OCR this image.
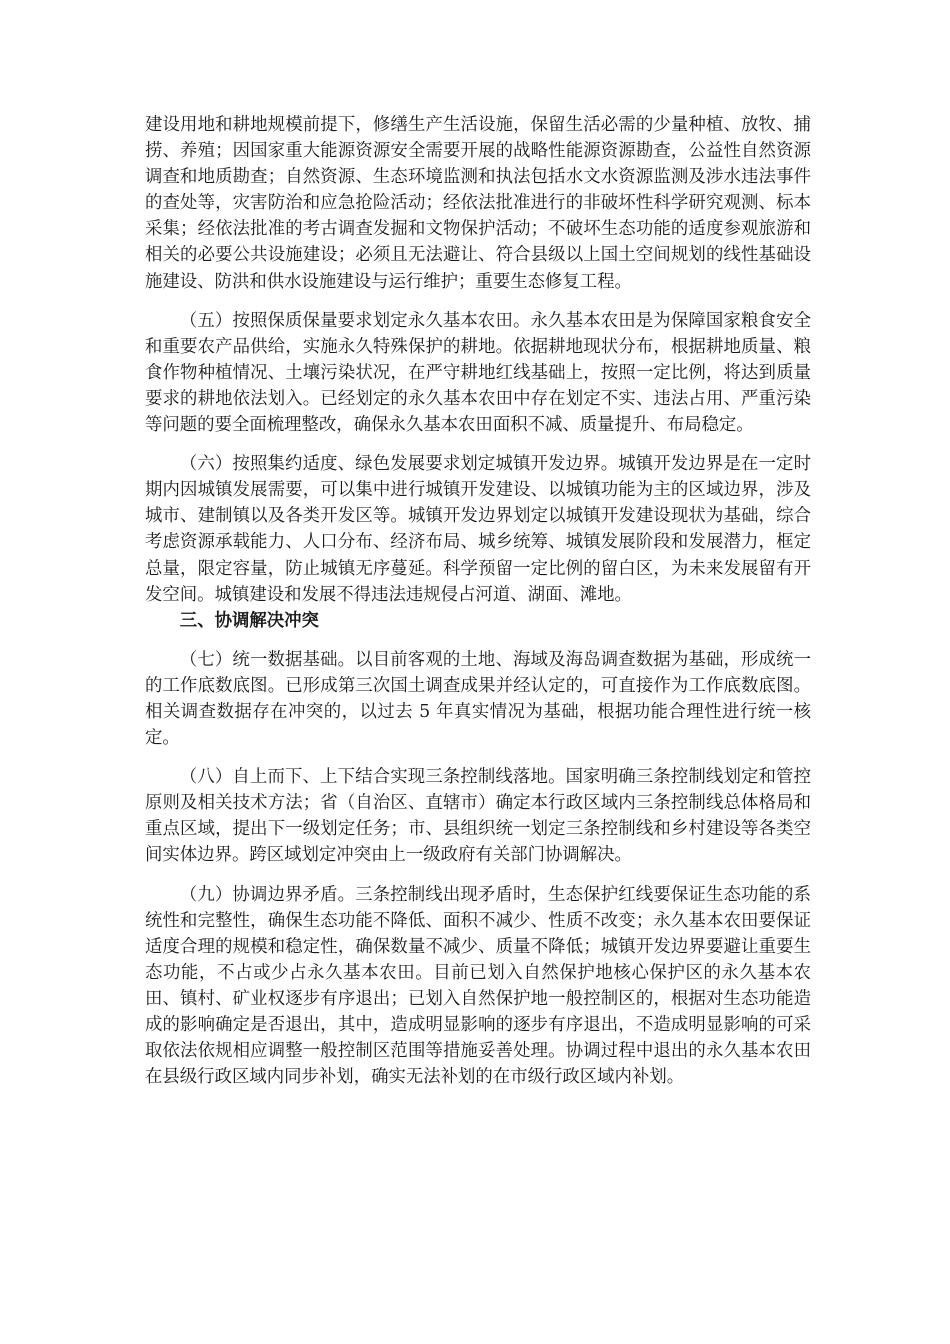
建设用地和耕地规模前提下，修缮生产生活设施，保留生活必需的少量种植、放牧、捕捞、养殖；因国家重大能源资源安全需要开展的战略性能源资源勘查，公益性自然资源调查和地质勘查；自然资源、生态环境监测和执法包括水文水资源监测及涉水违法事件的查处等，灾害防治和应急抢险活动；经依法批准进行的非破坏性科学研究观测、标本采集；经依法批准的考古调查发掘和文物保护活动；不破坏生态功能的适度参观旅游和相关的必要公共设施建设；必须且无法避让、符合县级以上国土空间规划的线性基础设施建设、防洪和供水设施建设与运行维护；重要生态修复工程。

（五）按照保质保量要求划定永久基本农田。永久基本农田是为保障国家粮食安全和重要农产品供给，实施永久特殊保护的耕地。依据耕地现状分布，根据耕地质量、粮食作物种植情况、土壤污染状况，在严守耕地红线基础上，按照一定比例，将达到质量要求的耕地依法划入。已经划定的永久基本农田中存在划定不实、违法占用、严重污染等问题的要全面梳理整改，确保永久基本农田面积不减、质量提升、布局稳定。

（六）按照集约适度、绿色发展要求划定城镇开发边界。城镇开发边界是在一定时期内因城镇发展需要，可以集中进行城镇开发建设、以城镇功能为主的区域边界，涉及城市、建制镇以及各类开发区等。城镇开发边界划定以城镇开发建设现状为基础，综合考虑资源承载能力、人口分布、经济布局、城乡统筹、城镇发展阶段和发展潜力，框定总量，限定容量，防止城镇无序蔓延。科学预留一定比例的留白区，为未来发展留有开发空间。城镇建设和发展不得违法违规侵占河道、湖面、滩地。

三、协调解决冲突

（七）统一数据基础。以目前客观的土地、海域及海岛调查数据为基础，形成统一的工作底数底图。已形成第三次国土调查成果并经认定的，可直接作为工作底数底图。相关调查数据存在冲突的，以过去 5 年真实情况为基础，根据功能合理性进行统一核定。

（八）自上而下、上下结合实现三条控制线落地。国家明确三条控制线划定和管控原则及相关技术方法；省（自治区、直辖市）确定本行政区域内三条控制线总体格局和重点区域，提出下一级划定任务；市、县组织统一划定三条控制线和乡村建设等各类空间实体边界。跨区域划定冲突由上一级政府有关部门协调解决。

（九）协调边界矛盾。三条控制线出现矛盾时，生态保护红线要保证生态功能的系统性和完整性，确保生态功能不降低、面积不减少、性质不改变；永久基本农田要保证适度合理的规模和稳定性，确保数量不减少、质量不降低；城镇开发边界要避让重要生态功能，不占或少占永久基本农田。目前已划入自然保护地核心保护区的永久基本农田、镇村、矿业权逐步有序退出；已划入自然保护地一般控制区的，根据对生态功能造成的影响确定是否退出，其中，造成明显影响的逐步有序退出，不造成明显影响的可采取依法依规相应调整一般控制区范围等措施妥善处理。协调过程中退出的永久基本农田在县级行政区域内同步补划，确实无法补划的在市级行政区域内补划。
